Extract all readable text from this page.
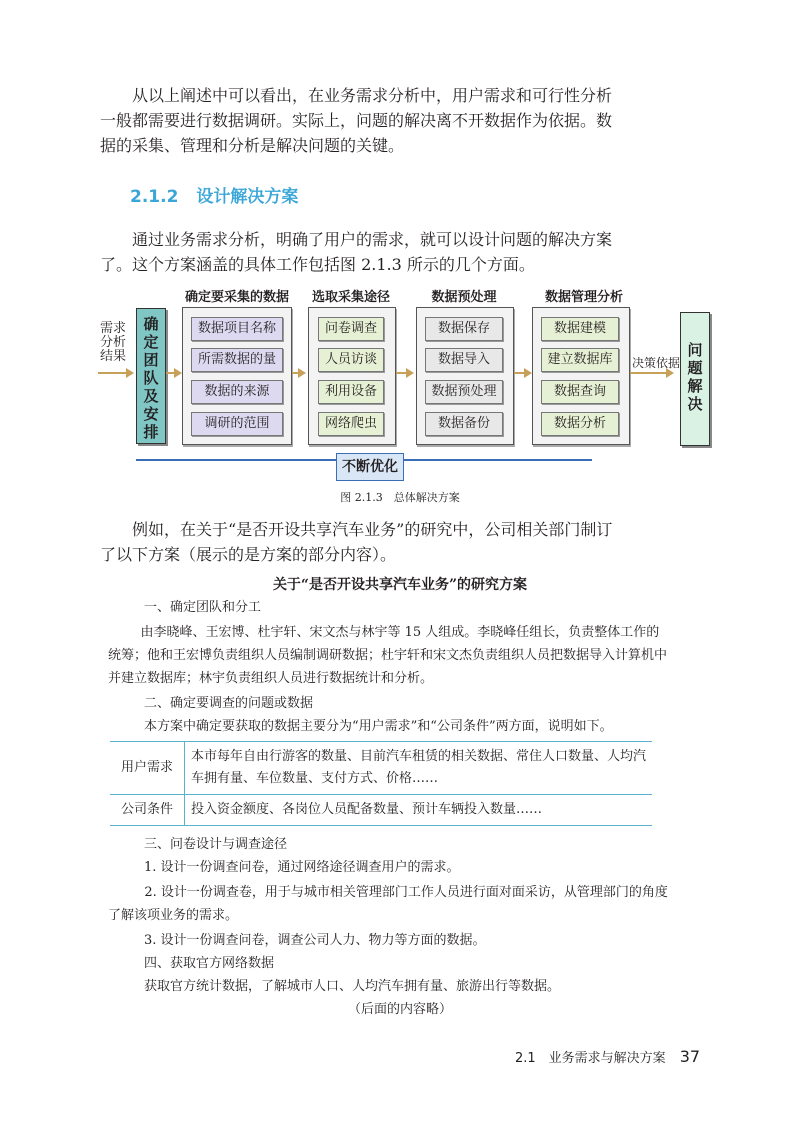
从以上阐述中可以看出，在业务需求分析中，用户需求和可行性分析一般都需要进行数据调研。实际上，问题的解决离不开数据作为依据。数据的采集、管理和分析是解决问题的关键。

2.1.2 设计解决方案

通过业务需求分析，明确了用户的需求，就可以设计问题的解决方案了。这个方案涵盖的具体工作包括图 2.1.3 所示的几个方面。

需求分析结果
确定团队及安排
确定要采集的数据
数据项目名称
所需数据的量
数据的来源
调研的范围
选取采集途径
问卷调查
人员访谈
利用设备
网络爬虫
数据预处理
数据保存
数据导入
数据预处理
数据备份
数据管理分析
数据建模
建立数据库
数据查询
数据分析
决策依据
问题解决
不断优化
图 2.1.3　总体解决方案

例如，在关于“是否开设共享汽车业务”的研究中，公司相关部门制订了以下方案（展示的是方案的部分内容）。

关于“是否开设共享汽车业务”的研究方案

一、确定团队和分工

由李晓峰、王宏博、杜宇轩、宋文杰与林宇等 15 人组成。李晓峰任组长，负责整体工作的统筹；他和王宏博负责组织人员编制调研数据；杜宇轩和宋文杰负责组织人员把数据导入计算机中并建立数据库；林宇负责组织人员进行数据统计和分析。

二、确定要调查的问题或数据

本方案中确定要获取的数据主要分为“用户需求”和“公司条件”两方面，说明如下。

用户需求	本市每年自由行游客的数量、目前汽车租赁的相关数据、常住人口数量、人均汽车拥有量、车位数量、支付方式、价格……
公司条件	投入资金额度、各岗位人员配备数量、预计车辆投入数量……

三、问卷设计与调查途径

1. 设计一份调查问卷，通过网络途径调查用户的需求。

2. 设计一份调查卷，用于与城市相关管理部门工作人员进行面对面采访，从管理部门的角度了解该项业务的需求。

3. 设计一份调查问卷，调查公司人力、物力等方面的数据。

四、获取官方网络数据

获取官方统计数据，了解城市人口、人均汽车拥有量、旅游出行等数据。

（后面的内容略）

2.1　业务需求与解决方案 37
